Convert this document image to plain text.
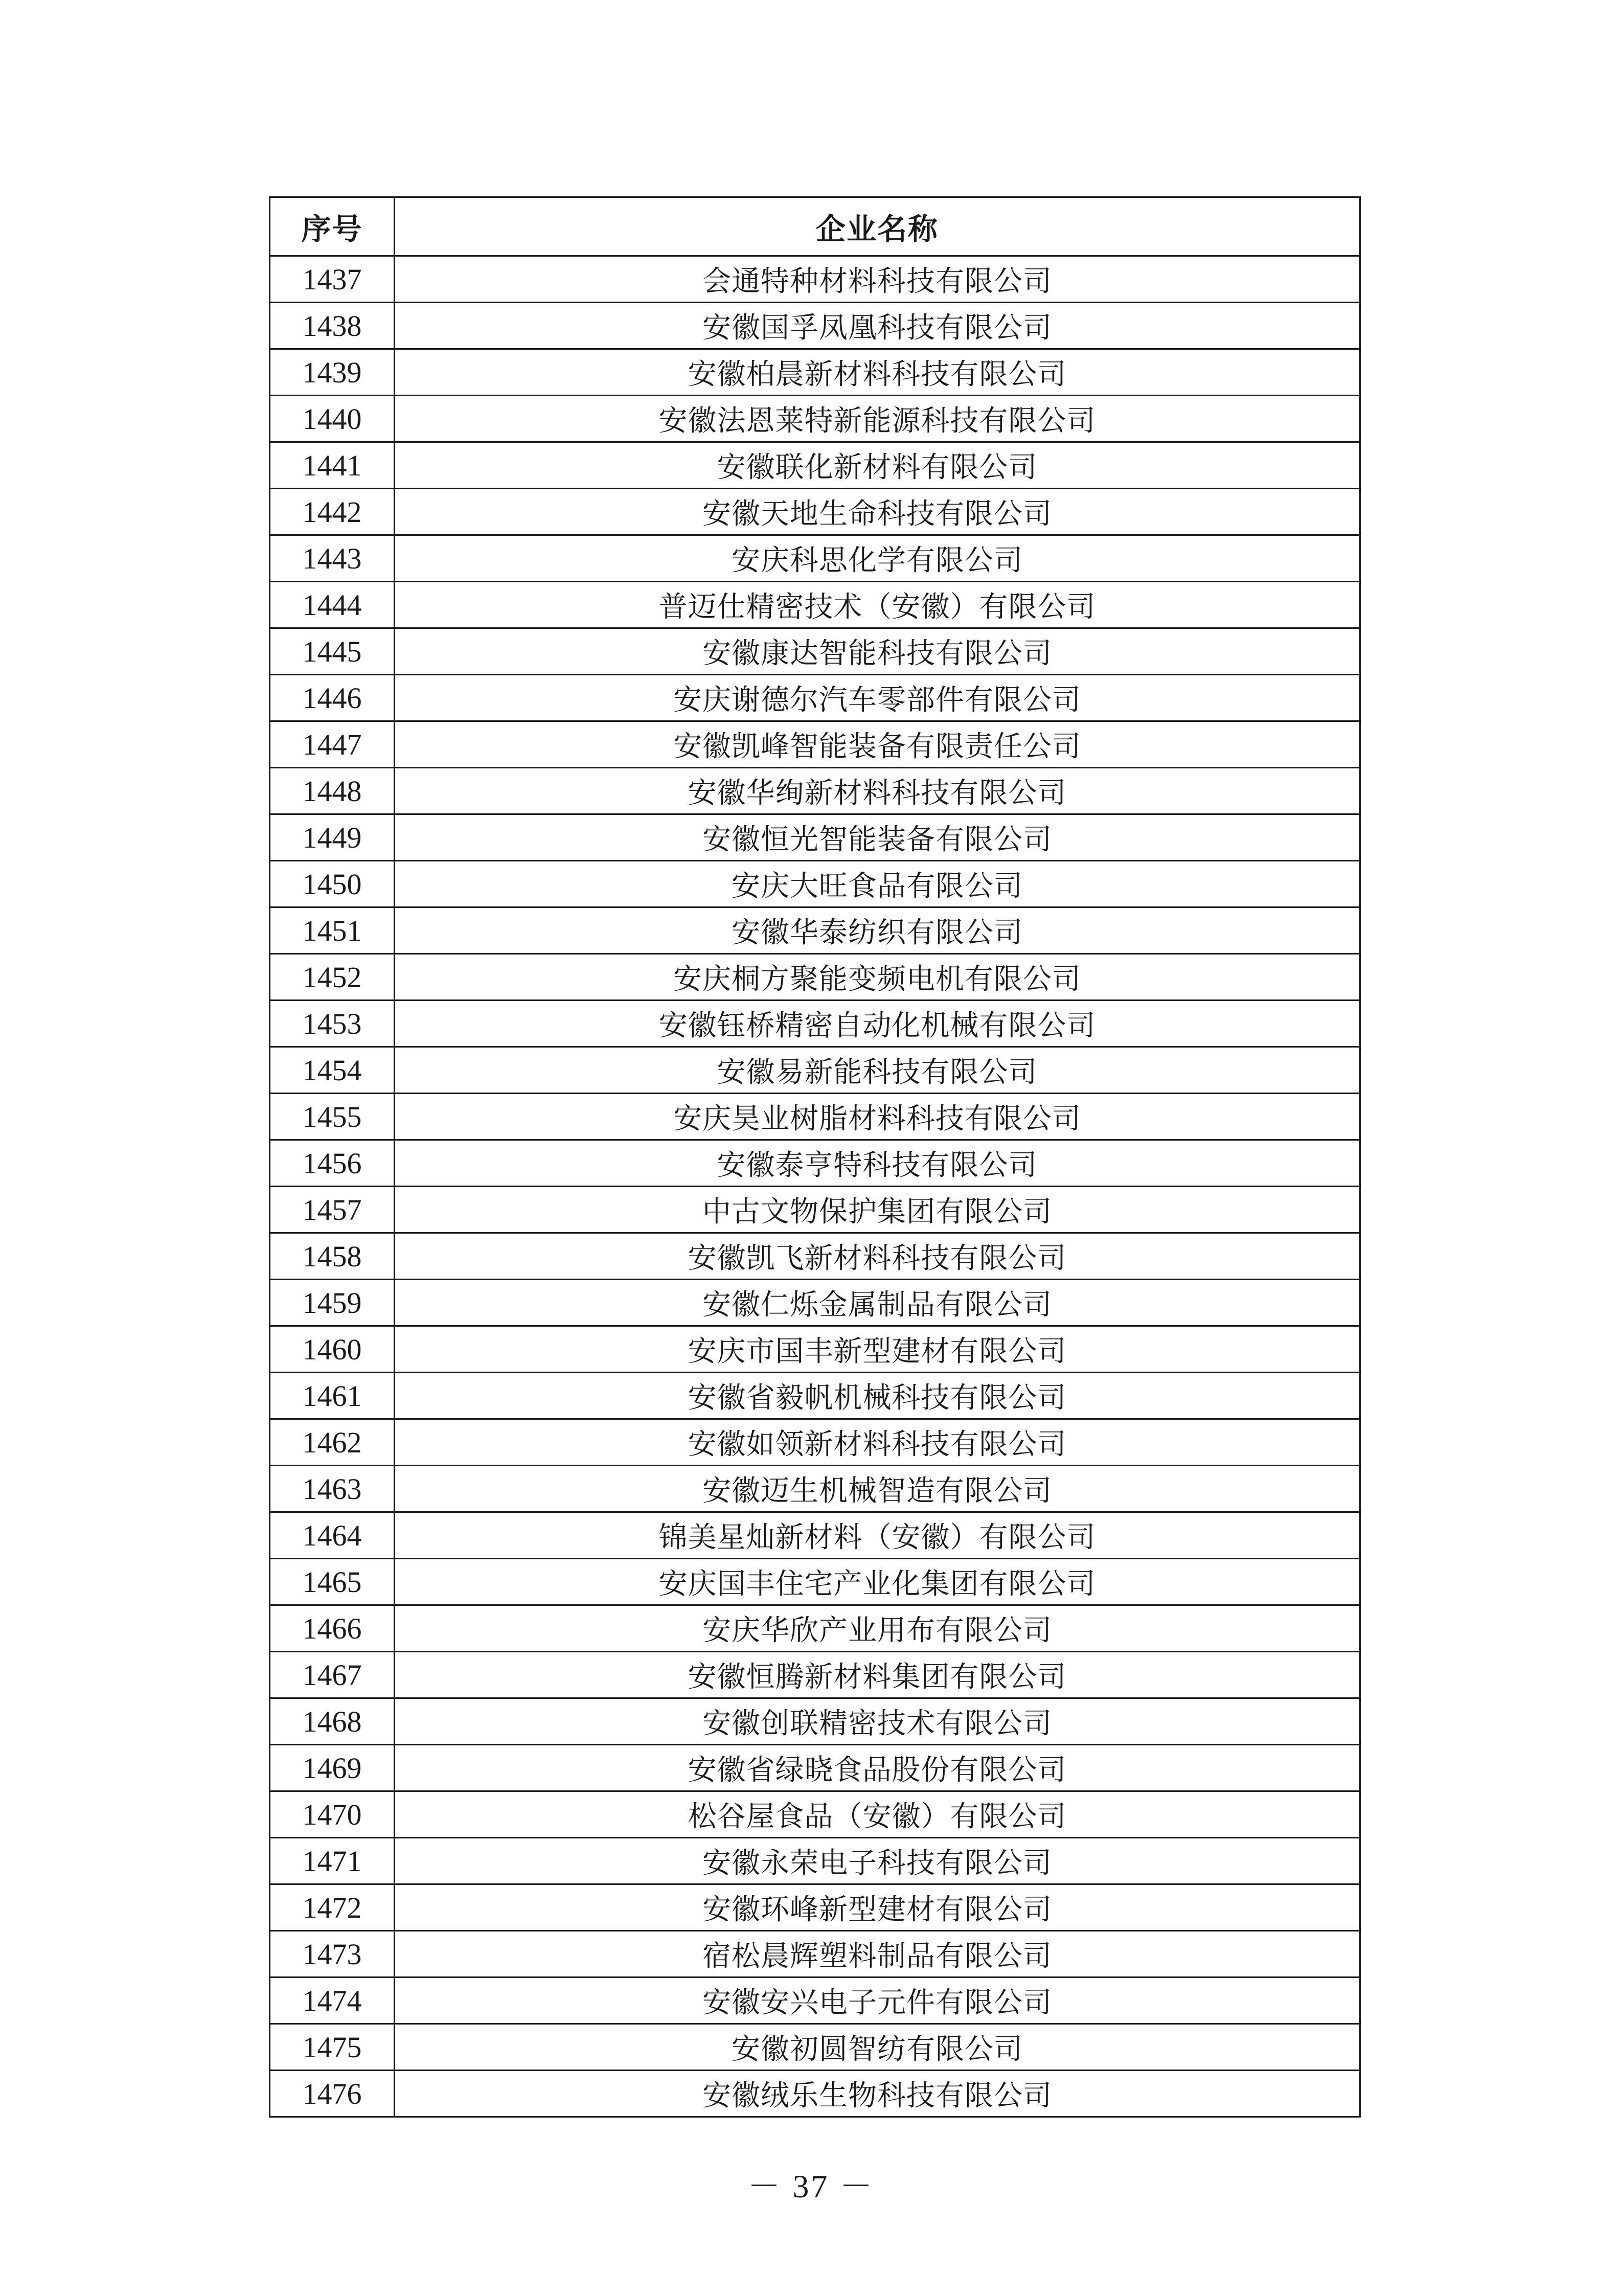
序号	企业名称
1437	会通特种材料科技有限公司
1438	安徽国孚凤凰科技有限公司
1439	安徽柏晨新材料科技有限公司
1440	安徽法恩莱特新能源科技有限公司
1441	安徽联化新材料有限公司
1442	安徽天地生命科技有限公司
1443	安庆科思化学有限公司
1444	普迈仕精密技术（安徽）有限公司
1445	安徽康达智能科技有限公司
1446	安庆谢德尔汽车零部件有限公司
1447	安徽凯峰智能装备有限责任公司
1448	安徽华绚新材料科技有限公司
1449	安徽恒光智能装备有限公司
1450	安庆大旺食品有限公司
1451	安徽华泰纺织有限公司
1452	安庆桐方聚能变频电机有限公司
1453	安徽钰桥精密自动化机械有限公司
1454	安徽易新能科技有限公司
1455	安庆昊业树脂材料科技有限公司
1456	安徽泰亨特科技有限公司
1457	中古文物保护集团有限公司
1458	安徽凯飞新材料科技有限公司
1459	安徽仁烁金属制品有限公司
1460	安庆市国丰新型建材有限公司
1461	安徽省毅帆机械科技有限公司
1462	安徽如领新材料科技有限公司
1463	安徽迈生机械智造有限公司
1464	锦美星灿新材料（安徽）有限公司
1465	安庆国丰住宅产业化集团有限公司
1466	安庆华欣产业用布有限公司
1467	安徽恒腾新材料集团有限公司
1468	安徽创联精密技术有限公司
1469	安徽省绿晓食品股份有限公司
1470	松谷屋食品（安徽）有限公司
1471	安徽永荣电子科技有限公司
1472	安徽环峰新型建材有限公司
1473	宿松晨辉塑料制品有限公司
1474	安徽安兴电子元件有限公司
1475	安徽初圆智纺有限公司
1476	安徽绒乐生物科技有限公司
－ 37 －
